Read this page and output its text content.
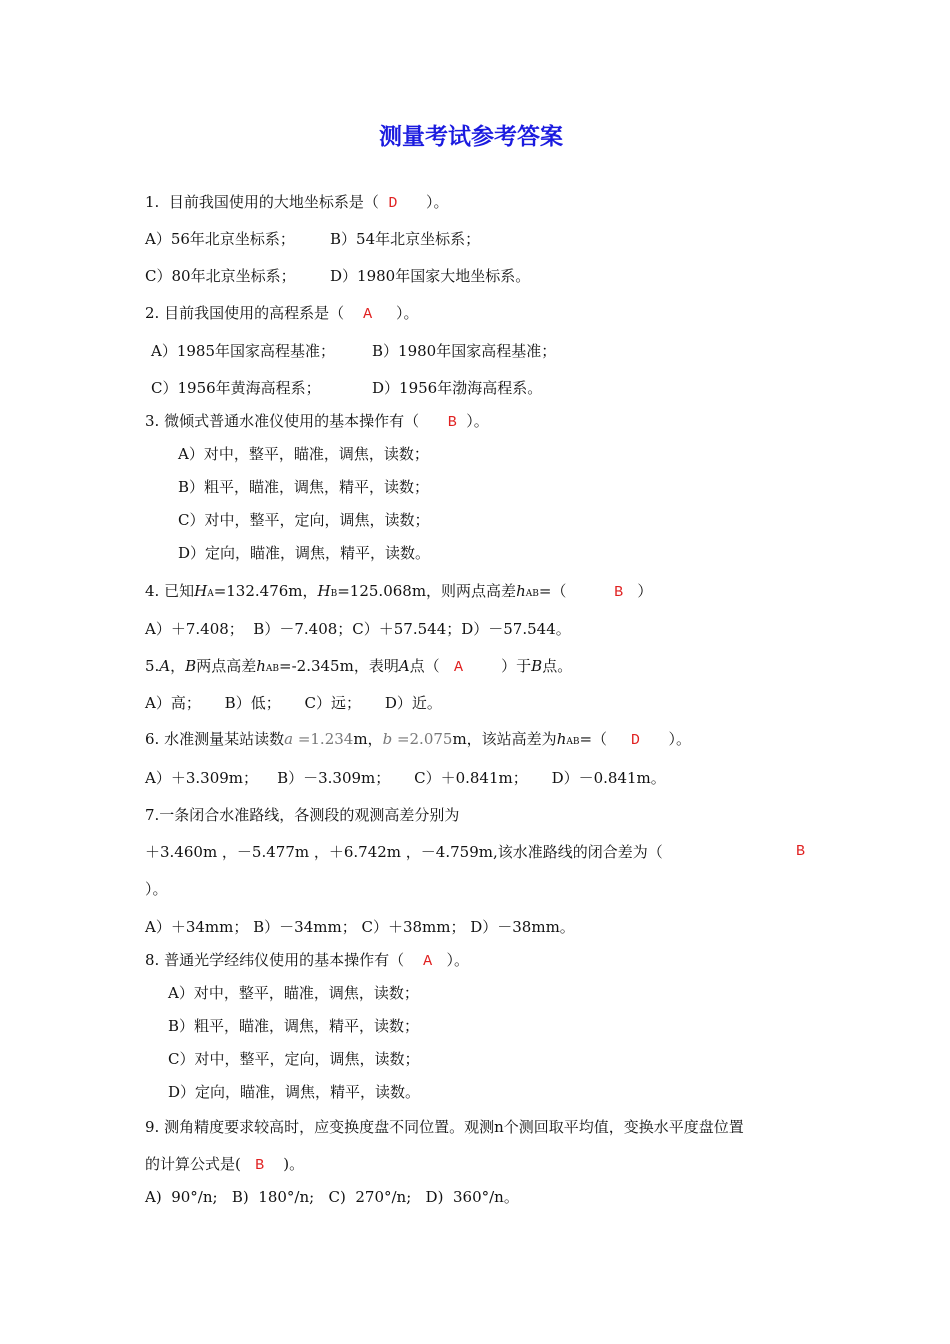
测量考试参考答案
1.  目前我国使用的大地坐标系是（  D      ）。
A）56年北京坐标系； B）54年北京坐标系；
C）80年北京坐标系； D）1980年国家大地坐标系。
2. 目前我国使用的高程系是（    A     ）。
A）1985年国家高程基准； B）1980年国家高程基准；
C）1956年黄海高程系；	D）1956年渤海高程系。
3. 微倾式普通水准仪使用的基本操作有（      B  ）。
A）对中，整平，瞄准，调焦，读数；
B）粗平，瞄准，调焦，精平，读数；
C）对中，整平，定向，调焦，读数；
D）定向，瞄准，调焦，精平，读数。
4. 已知HA=132.476m，HB=125.068m，则两点高差hAB=（          B   ）
A）＋7.408；  B）－7.408；C）＋57.544；D）－57.544。
5.A，B两点高差hAB=-2.345m，表明A点（   A        ）于B点。
A）高；     B）低；     C）远；     D）近。
6. 水准测量某站读数a =1.234m，b =2.075m，该站高差为hAB=（     D      ）。
A）＋3.309m；    B）－3.309m；     C）＋0.841m；     D）－0.841m。
7.一条闭合水准路线，各测段的观测高差分别为
＋3.460m ，－5.477m ，＋6.742m ，－4.759m,该水准路线的闭合差为（	B
）。
A）＋34mm； B）－34mm； C）＋38mm； D）－38mm。
8. 普通光学经纬仪使用的基本操作有（    A   ）。
A）对中，整平，瞄准，调焦，读数；
B）粗平，瞄准，调焦，精平，读数；
C）对中，整平，定向，调焦，读数；
D）定向，瞄准，调焦，精平，读数。
9. 测角精度要求较高时，应变换度盘不同位置。观测n个测回取平均值，变换水平度盘位置
的计算公式是(   B    )。
A)  90°/n;   B)  180°/n;   C)  270°/n;   D)  360°/n。
